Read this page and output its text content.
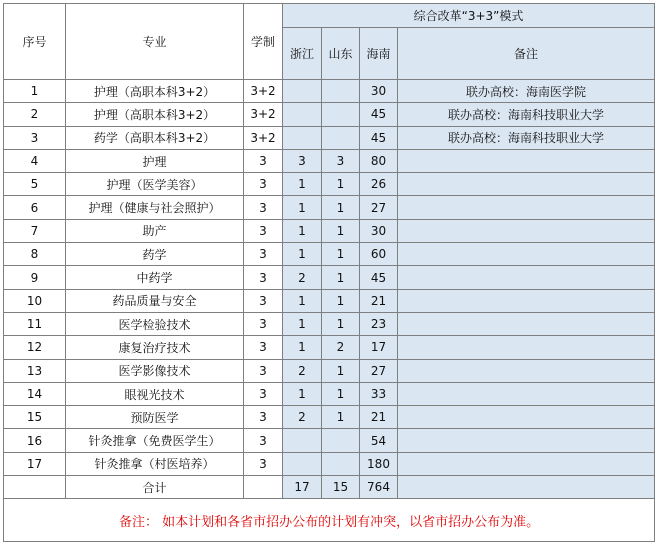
序号	专业	学制	综合改革“3+3”模式			
			浙江	山东	海南	备注
1	护理（高职本科3+2）	3+2			30	联办高校：海南医学院
2	护理（高职本科3+2）	3+2			45	联办高校：海南科技职业大学
3	药学（高职本科3+2）	3+2			45	联办高校：海南科技职业大学
4	护理	3	3	3	80	
5	护理（医学美容）	3	1	1	26	
6	护理（健康与社会照护）	3	1	1	27	
7	助产	3	1	1	30	
8	药学	3	1	1	60	
9	中药学	3	2	1	45	
10	药品质量与安全	3	1	1	21	
11	医学检验技术	3	1	1	23	
12	康复治疗技术	3	1	2	17	
13	医学影像技术	3	2	1	27	
14	眼视光技术	3	1	1	33	
15	预防医学	3	2	1	21	
16	针灸推拿（免费医学生）	3			54	
17	针灸推拿（村医培养）	3			180	
	合计		17	15	764	
备注： 如本计划和各省市招办公布的计划有冲突，以省市招办公布为准。						
